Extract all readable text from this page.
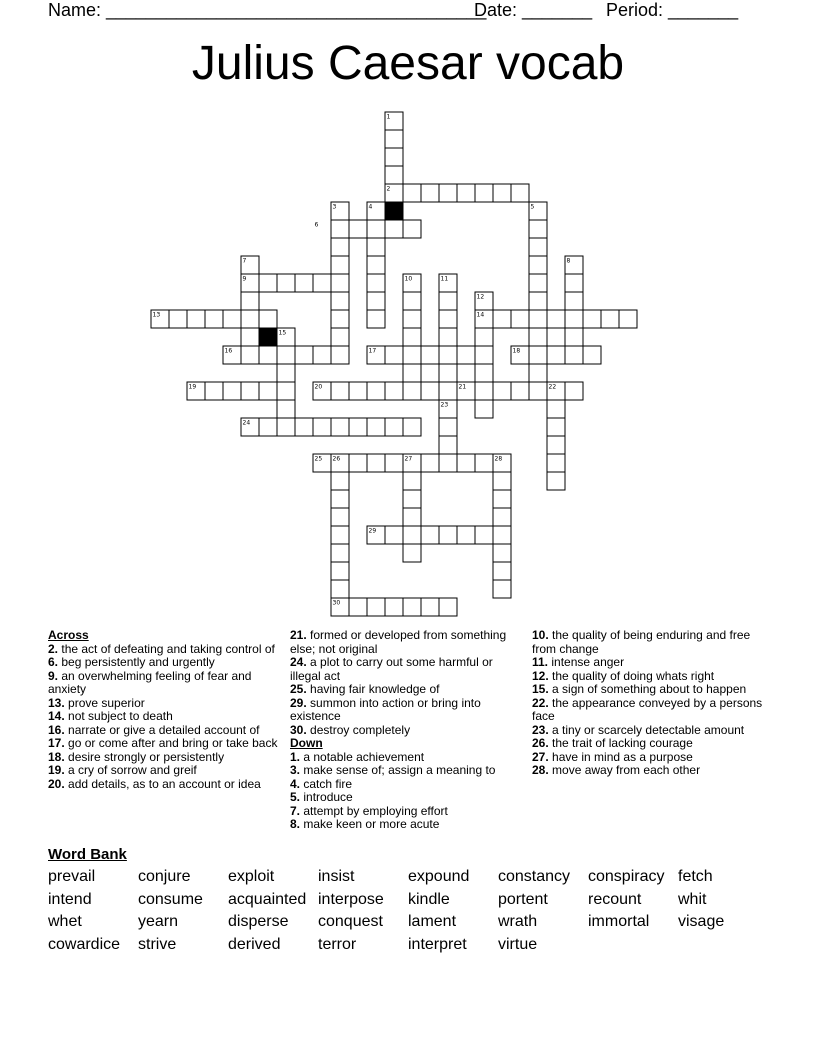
Name: ______________________________________
Date: _______ Period: _______
Julius Caesar vocab
1
2
3	4	5
6
7	8
9	10	11
12
13	14
15
16	17	18
19	20	21	22
23
24
25 26	27	28
29
30

Across

2. the act of defeating and taking control of

6. beg persistently and urgently

9. an overwhelming feeling of fear and anxiety

13. prove superior

14. not subject to death

16. narrate or give a detailed account of

17. go or come after and bring or take back

18. desire strongly or persistently

19. a cry of sorrow and greif

20. add details, as to an account or idea

21. formed or developed from something else; not original

24. a plot to carry out some harmful or illegal act

25. having fair knowledge of

29. summon into action or bring into existence

30. destroy completely

Down

1. a notable achievement

3. make sense of; assign a meaning to

4. catch fire

5. introduce

7. attempt by employing effort

8. make keen or more acute

10. the quality of being enduring and free from change

11. intense anger

12. the quality of doing whats right

15. a sign of something about to happen

22. the appearance conveyed by a persons face

23. a tiny or scarcely detectable amount

26. the trait of lacking courage

27. have in mind as a purpose

28. move away from each other

Word Bank
prevail	conjure exploit	insist	expound constancy conspiracy fetch
intend	consume acquainted interpose kindle	portent	recount whit
whet	yearn	disperse conquest lament	wrath	immortal visage
cowardice strive	derived terror	interpret virtue
